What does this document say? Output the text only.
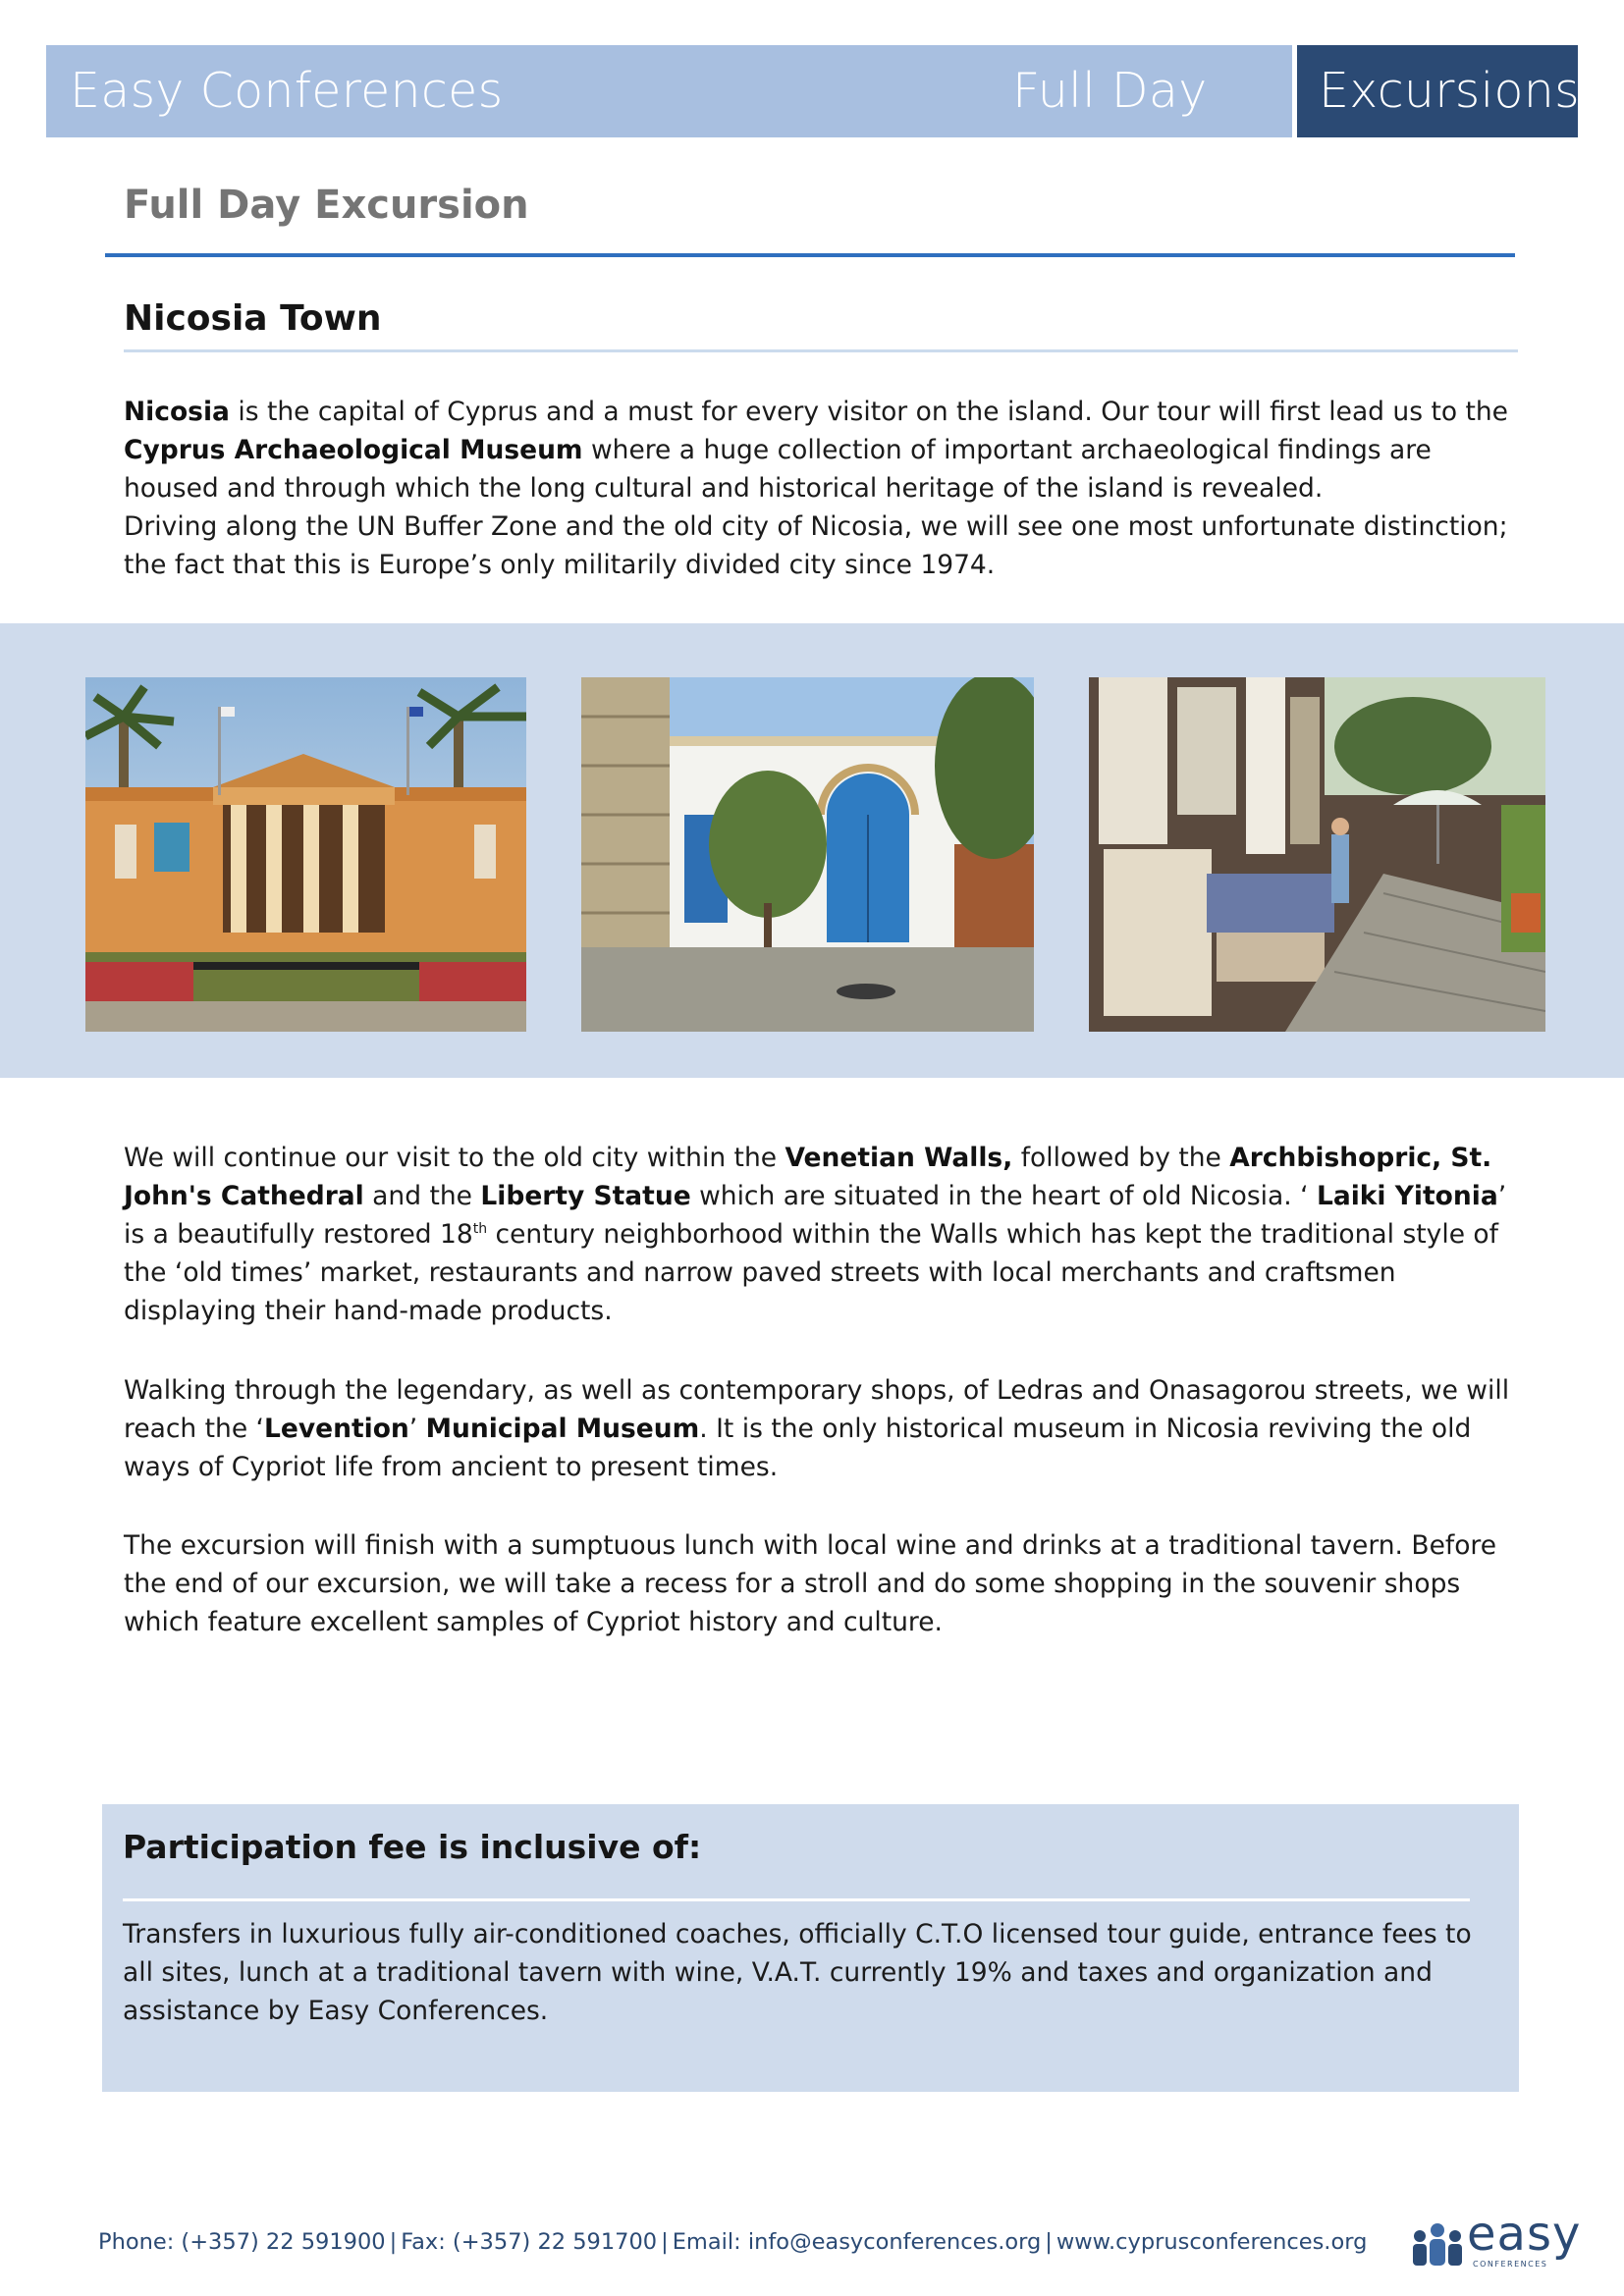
Easy Conferences	Full Day Excursions
Full Day Excursion
Nicosia Town

Nicosia is the capital of Cyprus and a must for every visitor on the island. Our tour will first lead us to the Cyprus Archaeological Museum where a huge collection of important archaeological findings are housed and through which the long cultural and historical heritage of the island is revealed.

Driving along the UN Buffer Zone and the old city of Nicosia, we will see one most unfortunate distinction; the fact that this is Europe’s only militarily divided city since 1974.

We will continue our visit to the old city within the Venetian Walls, followed by the Archbishopric, St. John's Cathedral and the Liberty Statue which are situated in the heart of old Nicosia. ‘ Laiki Yitonia’ is a beautifully restored 18th century neighborhood within the Walls which has kept the traditional style of the ‘old times’ market, restaurants and narrow paved streets with local merchants and craftsmen displaying their hand-made products.

Walking through the legendary, as well as contemporary shops, of Ledras and Onasagorou streets, we will reach the ‘Levention’ Municipal Museum. It is the only historical museum in Nicosia reviving the old ways of Cypriot life from ancient to present times.

The excursion will finish with a sumptuous lunch with local wine and drinks at a traditional tavern. Before the end of our excursion, we will take a recess for a stroll and do some shopping in the souvenir shops which feature excellent samples of Cypriot history and culture.

Participation fee is inclusive of:
Transfers in luxurious fully air-conditioned coaches, officially C.T.O licensed tour guide, entrance fees to all sites, lunch at a traditional tavern with wine, V.A.T. currently 19% and taxes and organization and assistance by Easy Conferences.
Phone: (+357) 22 591900 | Fax: (+357) 22 591700 | Email: info@easyconferences.org | www.cyprusconferences.org easy
CONFERENCES
